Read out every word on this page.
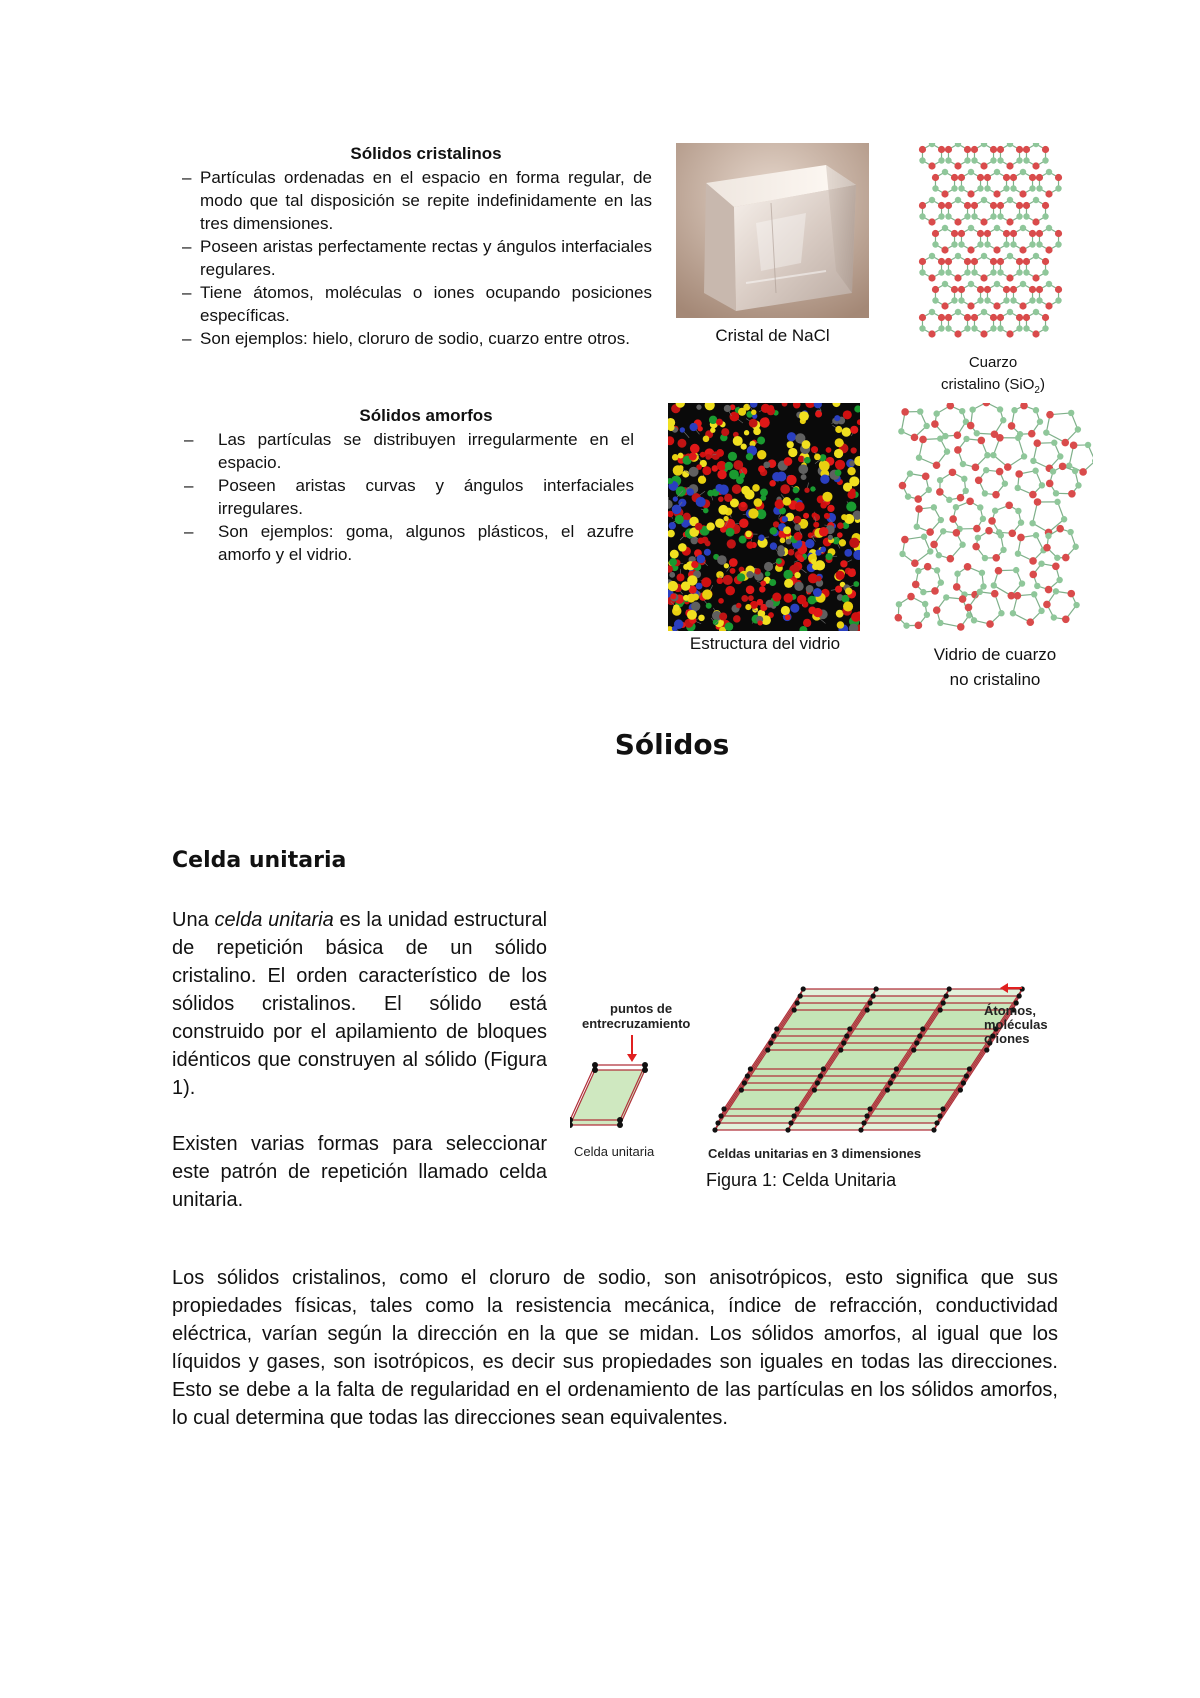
Sólidos cristalinos
– Partículas ordenadas en el espacio en forma regular, de modo que tal disposición se repite indefinidamente en las tres dimensiones.
– Poseen aristas perfectamente rectas y ángulos interfaciales regulares.
– Tiene átomos, moléculas o iones ocupando posiciones específicas.
– Son ejemplos: hielo, cloruro de sodio, cuarzo entre otros.	Cristal de NaCl
Cuarzo
cristalino (SiO$_2$)
Sólidos amorfos
– Las partículas se distribuyen irregularmente en el espacio.
– Poseen aristas curvas y ángulos interfaciales irregulares.
– Son ejemplos: goma, algunos plásticos, el azufre amorfo y el vidrio.
Estructura del vidrio
Vidrio de cuarzo
no cristalino
Sólidos
Celda unitaria
Una celda unitaria es la unidad estructural de repetición básica de un sólido cristalino. El orden característico de los sólidos cristalinos. El sólido está construido por el apilamiento de bloques idénticos que construyen al sólido (Figura 1).
Existen varias formas para seleccionar este patrón de repetición llamado celda unitaria.
puntos de
entrecruzamiento
Átomos,
moléculas
o iones
Celda unitaria	Celdas unitarias en 3 dimensiones
Figura 1: Celda Unitaria
Los sólidos cristalinos, como el cloruro de sodio, son anisotrópicos, esto significa que sus propiedades físicas, tales como la resistencia mecánica, índice de refracción, conductividad eléctrica, varían según la dirección en la que se midan. Los sólidos amorfos, al igual que los líquidos y gases, son isotrópicos, es decir sus propiedades son iguales en todas las direcciones. Esto se debe a la falta de regularidad en el ordenamiento de las partículas en los sólidos amorfos, lo cual determina que todas las direcciones sean equivalentes.
